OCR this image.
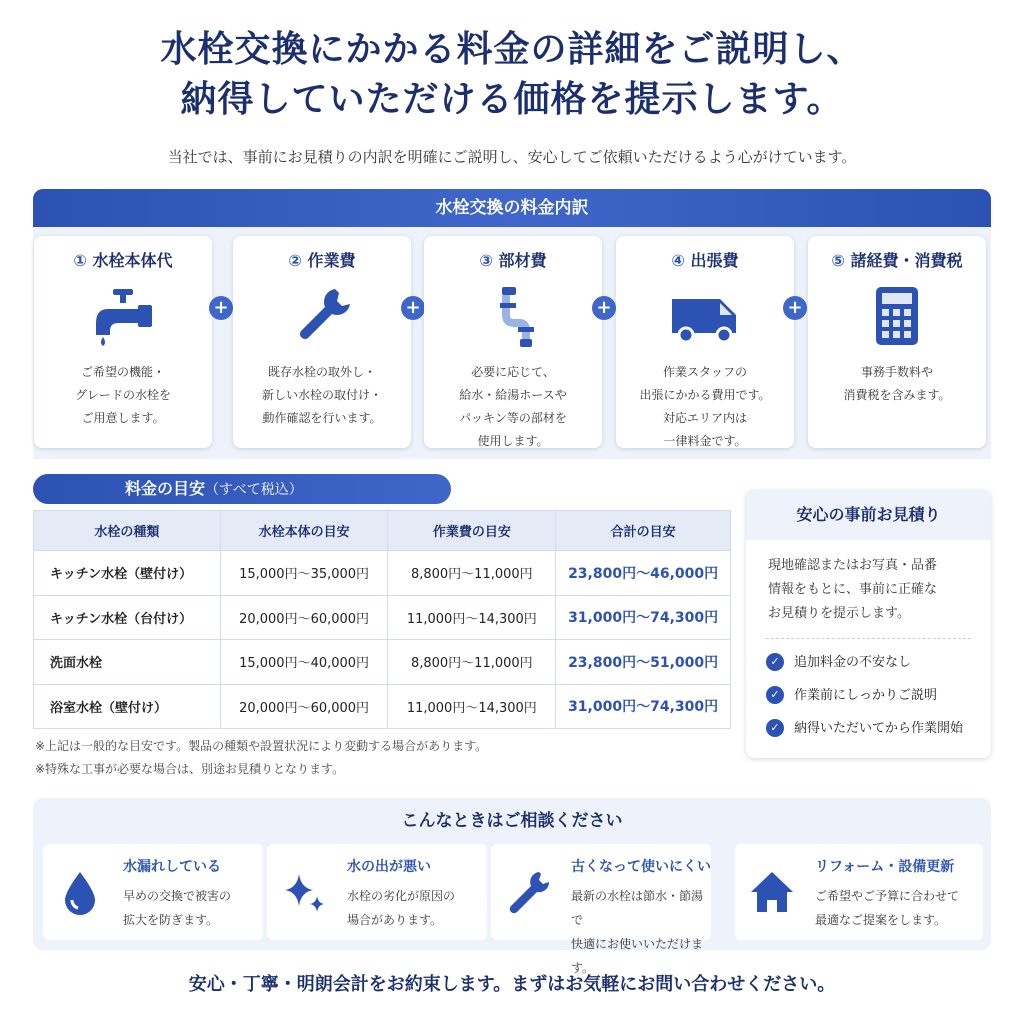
水栓交換にかかる料金の詳細をご説明し、
納得していただける価格を提示します。
当社では、事前にお見積りの内訳を明確にご説明し、安心してご依頼いただけるよう心がけています。
水栓交換の料金内訳
① 水栓本体代
ご希望の機能・
グレードの水栓を
ご用意します。
+
② 作業費
既存水栓の取外し・
新しい水栓の取付け・
動作確認を行います。
+
③ 部材費
必要に応じて、
給水・給湯ホースや
パッキン等の部材を
使用します。
+
④ 出張費
作業スタッフの
出張にかかる費用です。
対応エリア内は
一律料金です。
+
⑤ 諸経費・消費税
事務手数料や
消費税を含みます。
料金の目安（すべて税込）
水栓の種類	水栓本体の目安	作業費の目安	合計の目安
キッチン水栓（壁付け）	15,000円〜35,000円	8,800円〜11,000円	23,800円〜46,000円
キッチン水栓（台付け）	20,000円〜60,000円	11,000円〜14,300円	31,000円〜74,300円
洗面水栓	15,000円〜40,000円	8,800円〜11,000円	23,800円〜51,000円
浴室水栓（壁付け）	20,000円〜60,000円	11,000円〜14,300円	31,000円〜74,300円
※上記は一般的な目安です。製品の種類や設置状況により変動する場合があります。
※特殊な工事が必要な場合は、別途お見積りとなります。
安心の事前お見積り
現地確認またはお写真・品番
情報をもとに、事前に正確な
お見積りを提示します。
✓	追加料金の不安なし
✓	作業前にしっかりご説明
✓	納得いただいてから作業開始
こんなときはご相談ください
水漏れしている
早めの交換で被害の
拡大を防ぎます。
水の出が悪い
水栓の劣化が原因の
場合があります。
古くなって使いにくい
最新の水栓は節水・節湯で
快適にお使いいただけます。
リフォーム・設備更新
ご希望やご予算に合わせて
最適なご提案をします。
安心・丁寧・明朗会計をお約束します。まずはお気軽にお問い合わせください。
